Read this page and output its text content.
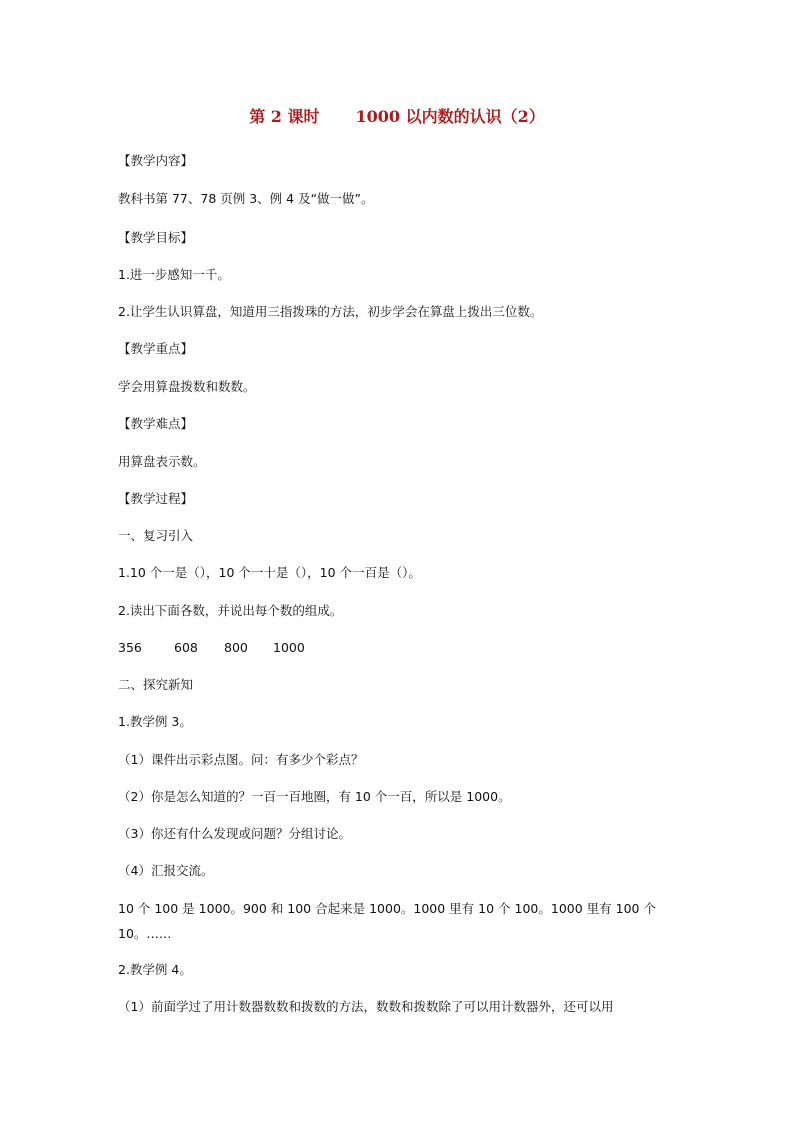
第 2 课时 1000 以内数的认识（2）
【教学内容】
教科书第 77、78 页例 3、例 4 及“做一做”。
【教学目标】
1.进一步感知一千。
2.让学生认识算盘，知道用三指拨珠的方法，初步学会在算盘上拨出三位数。
【教学重点】
学会用算盘拨数和数数。
【教学难点】
用算盘表示数。
【教学过程】
一、复习引入
1.10 个一是（），10 个一十是（），10 个一百是（）。
2.读出下面各数，并说出每个数的组成。
356	608 800 1000
二、探究新知
1.教学例 3。
（1）课件出示彩点图。问：有多少个彩点？
（2）你是怎么知道的？一百一百地圈，有 10 个一百，所以是 1000。
（3）你还有什么发现或问题？分组讨论。
（4）汇报交流。
10 个 100 是 1000。900 和 100 合起来是 1000。1000 里有 10 个 100。1000 里有 100 个 10。……
2.教学例 4。
（1）前面学过了用计数器数数和拨数的方法，数数和拨数除了可以用计数器外，还可以用
